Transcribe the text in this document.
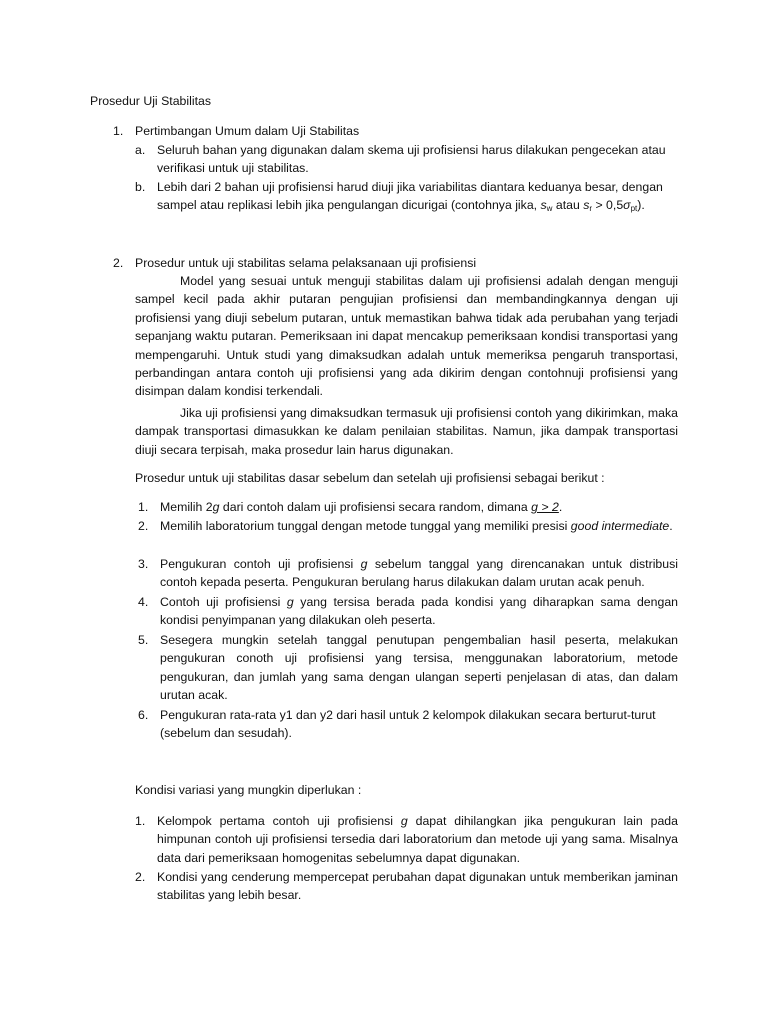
Prosedur Uji Stabilitas
1. Pertimbangan Umum dalam Uji Stabilitas
a. Seluruh bahan yang digunakan dalam skema uji profisiensi harus dilakukan pengecekan atau verifikasi untuk uji stabilitas.
b. Lebih dari 2 bahan uji profisiensi harud diuji jika variabilitas diantara keduanya besar, dengan sampel atau replikasi lebih jika pengulangan dicurigai (contohnya jika, $s_w$ atau $s_r > 0,5\sigma_{pt}$).
2. Prosedur untuk uji stabilitas selama pelaksanaan uji profisiensi

Model yang sesuai untuk menguji stabilitas dalam uji profisiensi adalah dengan menguji sampel kecil pada akhir putaran pengujian profisiensi dan membandingkannya dengan uji profisiensi yang diuji sebelum putaran, untuk memastikan bahwa tidak ada perubahan yang terjadi sepanjang waktu putaran. Pemeriksaan ini dapat mencakup pemeriksaan kondisi transportasi yang mempengaruhi. Untuk studi yang dimaksudkan adalah untuk memeriksa pengaruh transportasi, perbandingan antara contoh uji profisiensi yang ada dikirim dengan contohnuji profisiensi yang disimpan dalam kondisi terkendali.

Jika uji profisiensi yang dimaksudkan termasuk uji profisiensi contoh yang dikirimkan, maka dampak transportasi dimasukkan ke dalam penilaian stabilitas. Namun, jika dampak transportasi diuji secara terpisah, maka prosedur lain harus digunakan.

Prosedur untuk uji stabilitas dasar sebelum dan setelah uji profisiensi sebagai berikut :

1. Memilih 2g dari contoh dalam uji profisiensi secara random, dimana g > 2.
2. Memilih laboratorium tunggal dengan metode tunggal yang memiliki presisi good intermediate.
3. Pengukuran contoh uji profisiensi g sebelum tanggal yang direncanakan untuk distribusi contoh kepada peserta. Pengukuran berulang harus dilakukan dalam urutan acak penuh.
4. Contoh uji profisiensi g yang tersisa berada pada kondisi yang diharapkan sama dengan kondisi penyimpanan yang dilakukan oleh peserta.
5. Sesegera mungkin setelah tanggal penutupan pengembalian hasil peserta, melakukan pengukuran conoth uji profisiensi yang tersisa, menggunakan laboratorium, metode pengukuran, dan jumlah yang sama dengan ulangan seperti penjelasan di atas, dan dalam urutan acak.
6. Pengukuran rata-rata y1 dan y2 dari hasil untuk 2 kelompok dilakukan secara berturut-turut (sebelum dan sesudah).

Kondisi variasi yang mungkin diperlukan :

1. Kelompok pertama contoh uji profisiensi g dapat dihilangkan jika pengukuran lain pada himpunan contoh uji profisiensi tersedia dari laboratorium dan metode uji yang sama. Misalnya data dari pemeriksaan homogenitas sebelumnya dapat digunakan.
2. Kondisi yang cenderung mempercepat perubahan dapat digunakan untuk memberikan jaminan stabilitas yang lebih besar.
